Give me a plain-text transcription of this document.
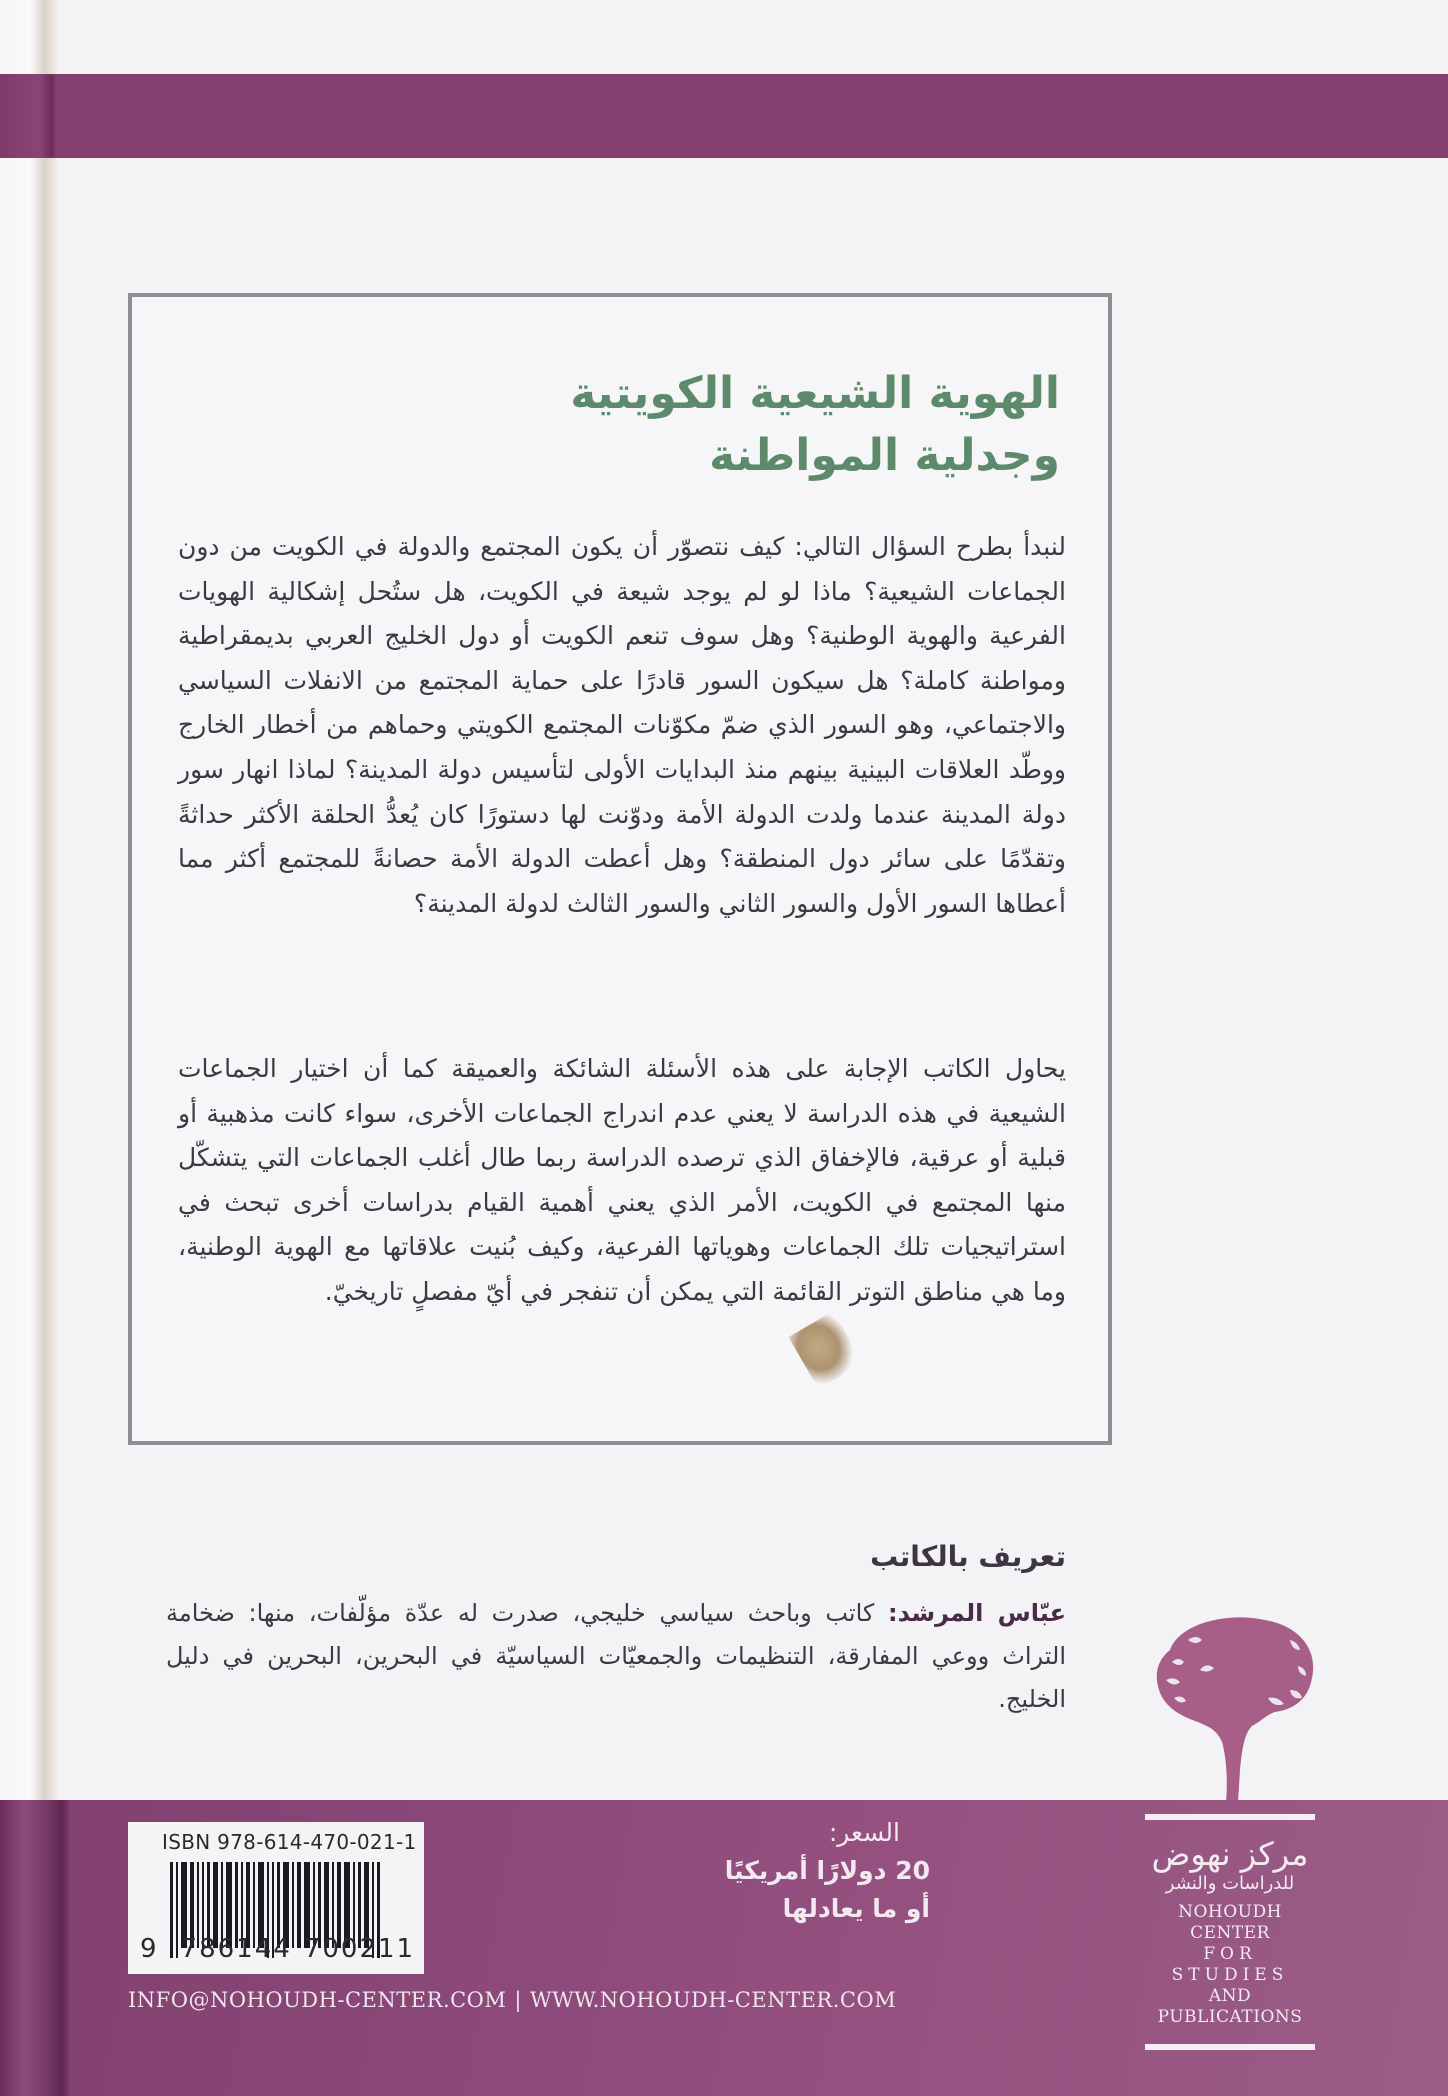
الهوية الشيعية الكويتية
وجدلية المواطنة

لنبدأ بطرح السؤال التالي: كيف نتصوّر أن يكون المجتمع والدولة في الكويت من دون الجماعات الشيعية؟ ماذا لو لم يوجد شيعة في الكويت، هل ستُحل إشكالية الهويات الفرعية والهوية الوطنية؟ وهل سوف تنعم الكويت أو دول الخليج العربي بديمقراطية ومواطنة كاملة؟ هل سيكون السور قادرًا على حماية المجتمع من الانفلات السياسي والاجتماعي، وهو السور الذي ضمّ مكوّنات المجتمع الكويتي وحماهم من أخطار الخارج ووطّد العلاقات البينية بينهم منذ البدايات الأولى لتأسيس دولة المدينة؟ لماذا انهار سور دولة المدينة عندما ولدت الدولة الأمة ودوّنت لها دستورًا كان يُعدُّ الحلقة الأكثر حداثةً وتقدّمًا على سائر دول المنطقة؟ وهل أعطت الدولة الأمة حصانةً للمجتمع أكثر مما أعطاها السور الأول والسور الثاني والسور الثالث لدولة المدينة؟

يحاول الكاتب الإجابة على هذه الأسئلة الشائكة والعميقة كما أن اختيار الجماعات الشيعية في هذه الدراسة لا يعني عدم اندراج الجماعات الأخرى، سواء كانت مذهبية أو قبلية أو عرقية، فالإخفاق الذي ترصده الدراسة ربما طال أغلب الجماعات التي يتشكّل منها المجتمع في الكويت، الأمر الذي يعني أهمية القيام بدراسات أخرى تبحث في استراتيجيات تلك الجماعات وهوياتها الفرعية، وكيف بُنيت علاقاتها مع الهوية الوطنية، وما هي مناطق التوتر القائمة التي يمكن أن تنفجر في أيّ مفصلٍ تاريخيّ.

تعريف بالكاتب

عبّاس المرشد: كاتب وباحث سياسي خليجي، صدرت له عدّة مؤلّفات، منها: ضخامة التراث ووعي المفارقة، التنظيمات والجمعيّات السياسيّة في البحرين، البحرين في دليل الخليج.

ISBN 978-614-470-021-1
9 786144 700211
السعر:
20 دولارًا أمريكيًا
أو ما يعادلها
INFO@NOHOUDH-CENTER.COM | WWW.NOHOUDH-CENTER.COM
مركز نهوض
للدراسات والنشر
NOHOUDH CENTER
FOR STUDIES
AND PUBLICATIONS
